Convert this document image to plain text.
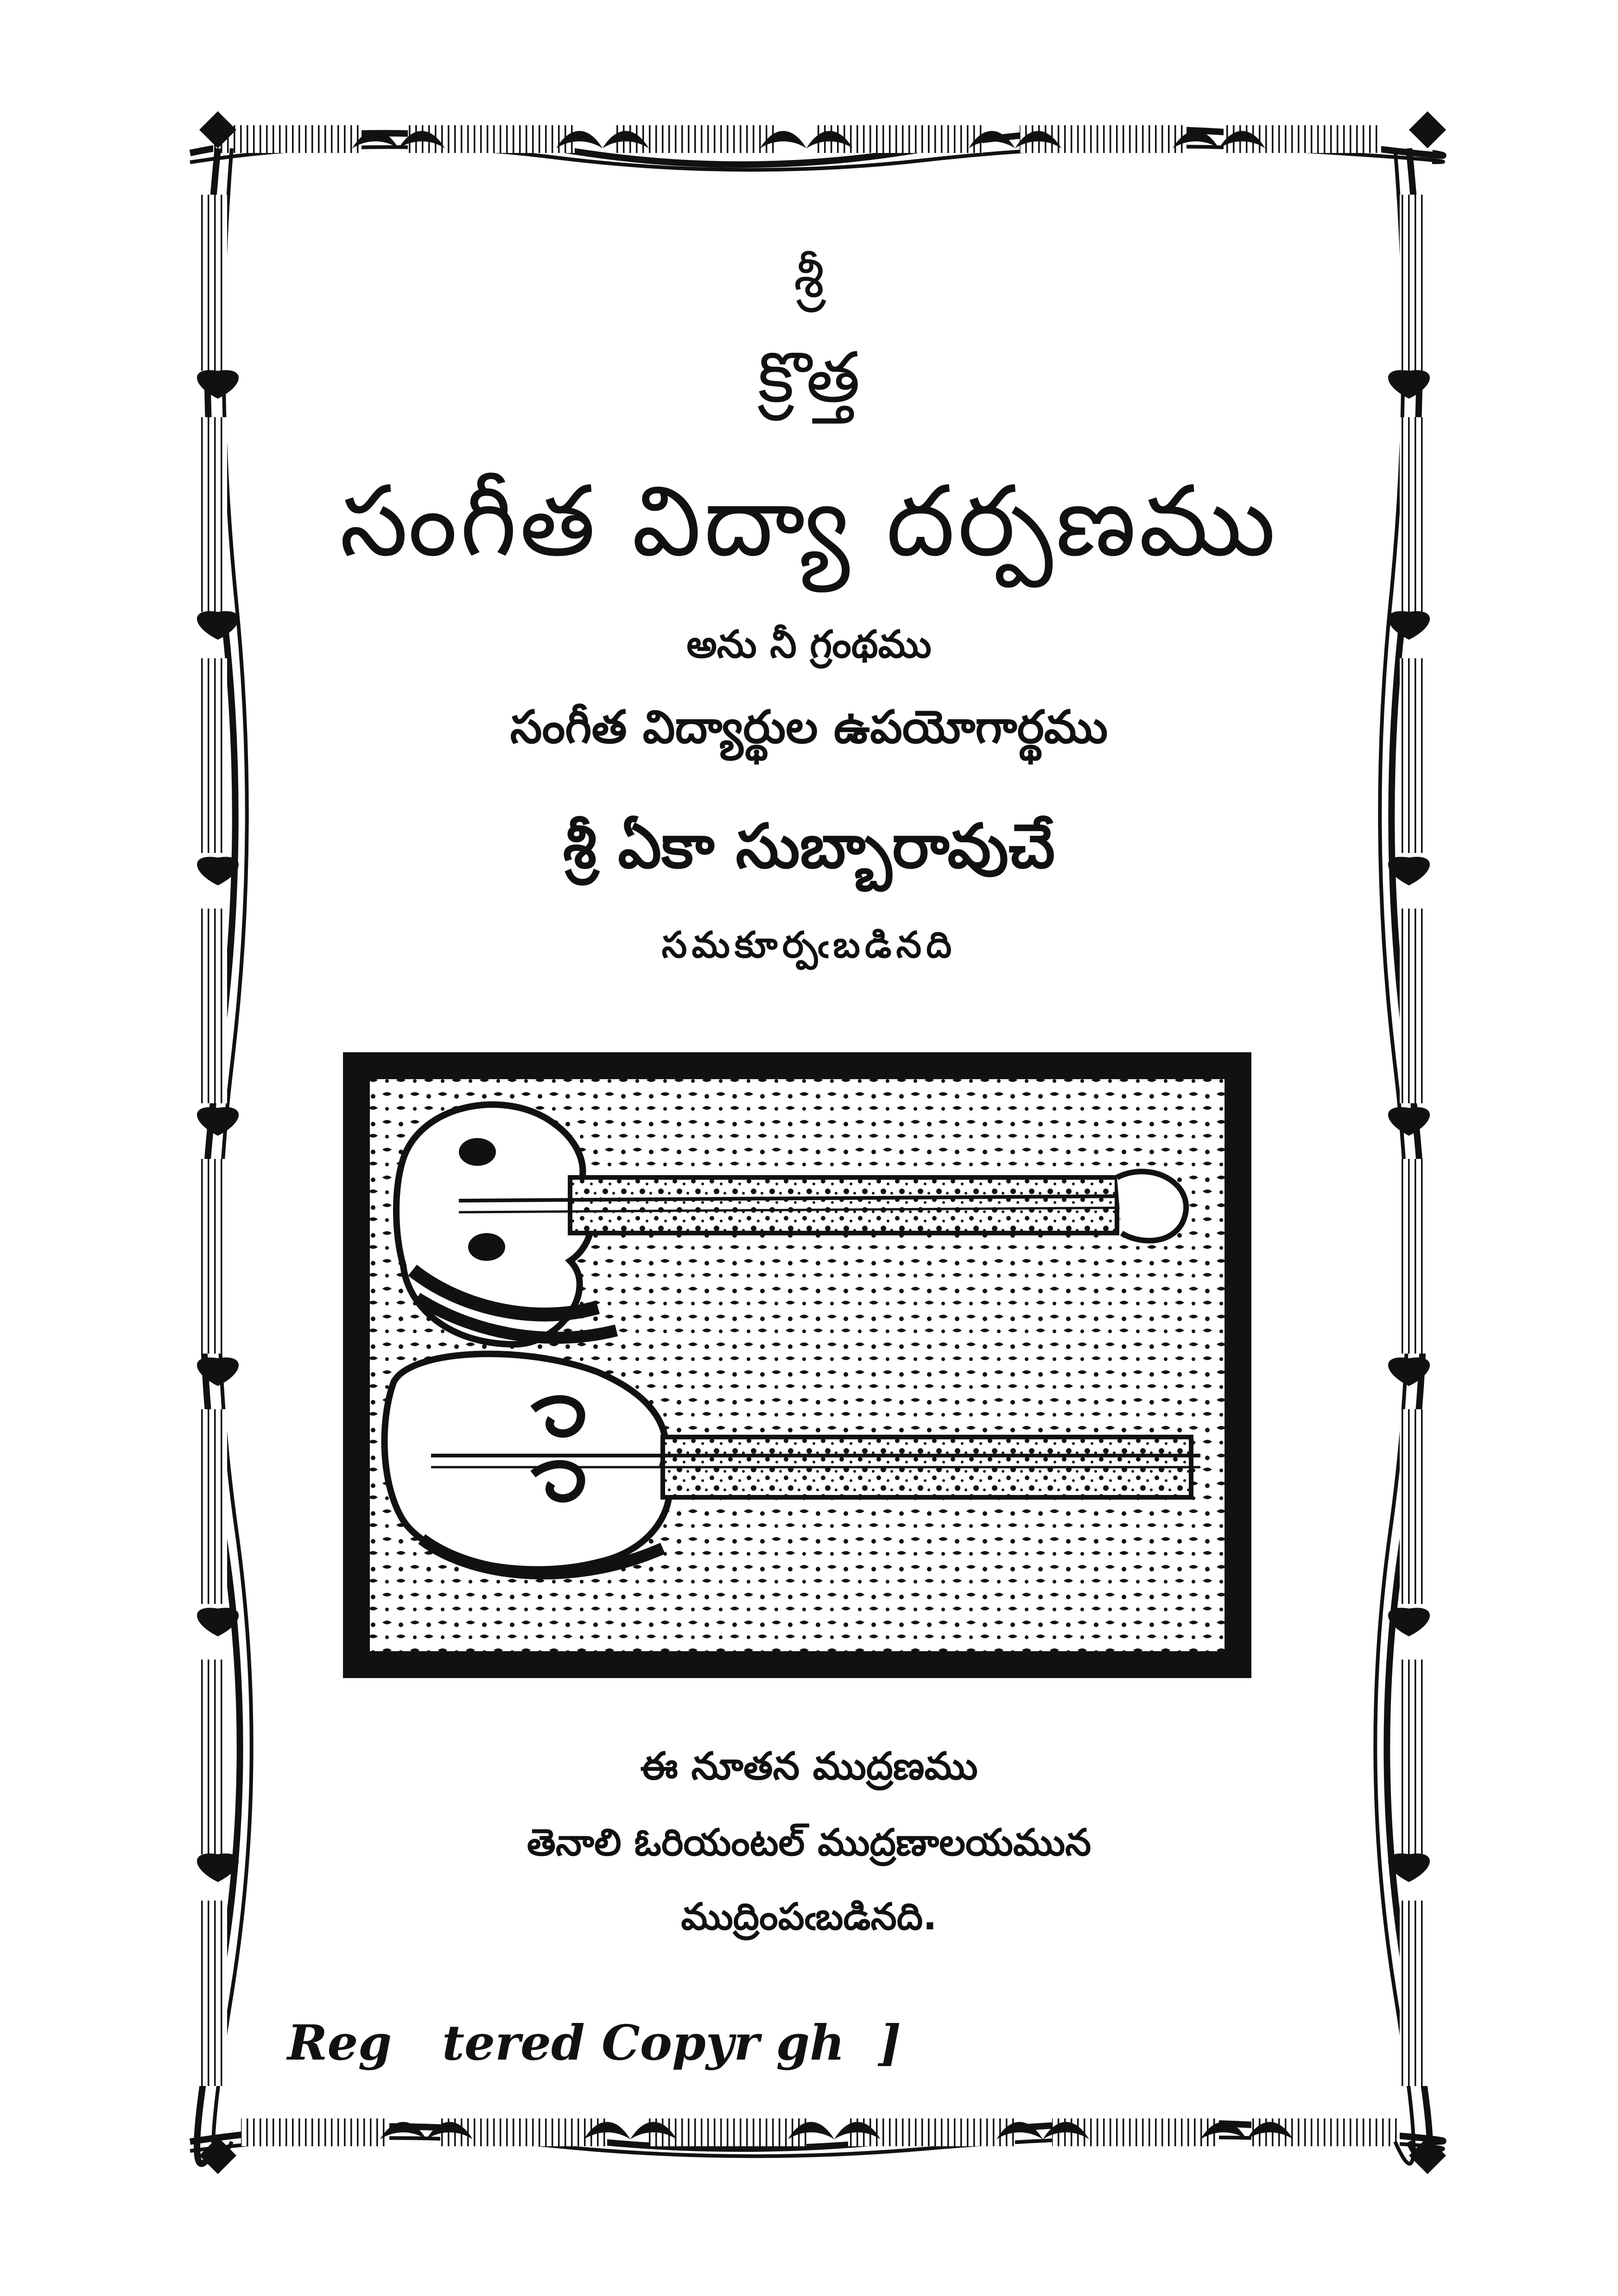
శ్రీ
క్రొత్త
సంగీత విద్యా దర్పణము
అను నీ గ్రంథము
సంగీత విద్యార్థుల ఉపయోగార్థము
శ్రీ ఏకా సుబ్బారావుచే
సమకూర్పఁబడినది
ఈ నూతన ముద్రణము
తెనాలి ఓరియంటల్ ముద్రణాలయమున
ముద్రింపఁబడినది.
Reg   tered Copyr gh  ]
